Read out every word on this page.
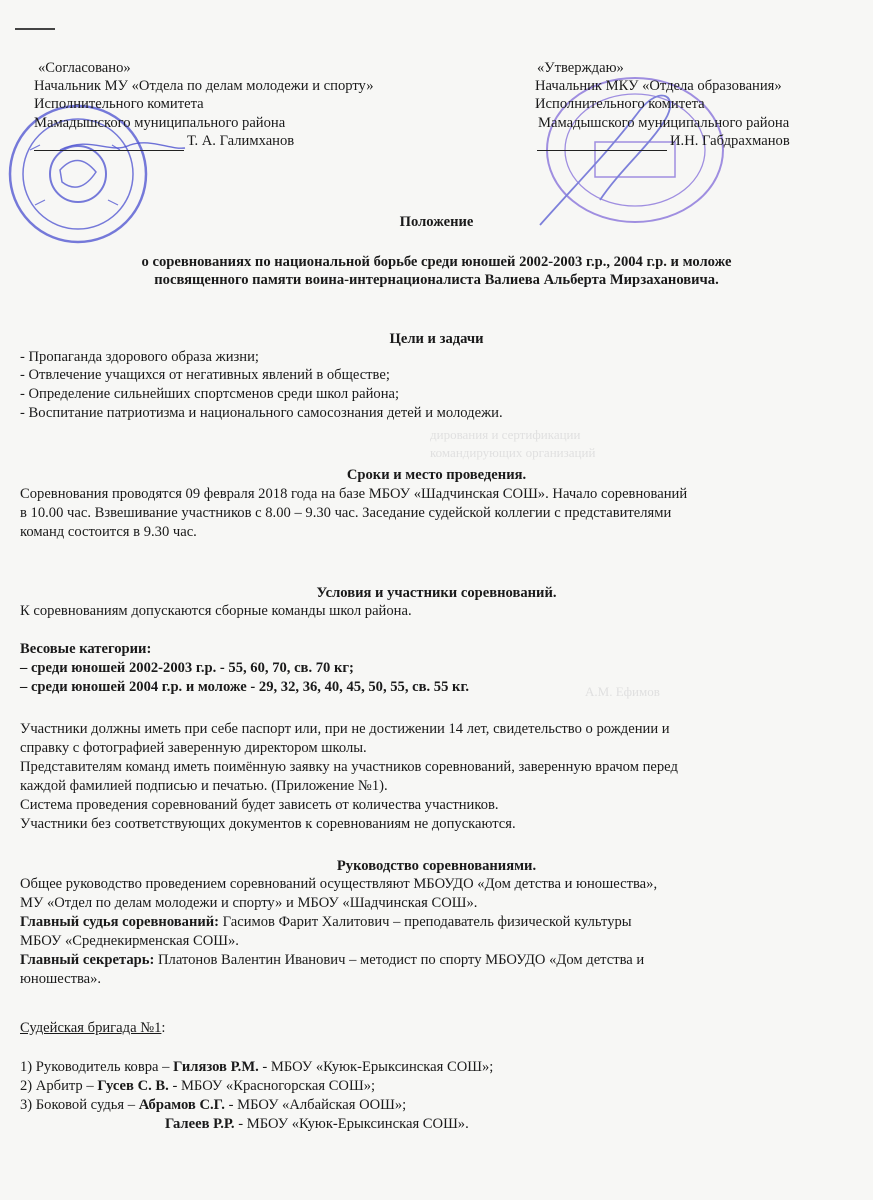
дирования и сертификации
командирующих организаций
А.М. Ефимов
«Согласовано»
Начальник МУ «Отдела по делам молодежи и спорту»
Исполнительного комитета
Мамадышского муниципального района
Т. А. Галимханов
«Утверждаю»
Начальник МКУ «Отдела образования»
Исполнительного комитета
Мамадышского муниципального района
И.Н. Габдрахманов
Положение
о соревнованиях по национальной борьбе среди юношей 2002-2003 г.р., 2004 г.р. и моложе
посвященного памяти воина-интернационалиста Валиева Альберта Мирзахановича.
Цели и задачи
- Пропаганда здорового образа жизни;
- Отвлечение учащихся от негативных явлений в обществе;
- Определение сильнейших спортсменов среди школ района;
- Воспитание патриотизма и национального самосознания детей и молодежи.
Сроки и место проведения.
Соревнования проводятся 09 февраля 2018 года на базе МБОУ «Шадчинская СОШ». Начало соревнований
в 10.00 час. Взвешивание участников с 8.00 – 9.30 час. Заседание судейской коллегии с представителями
команд состоится в 9.30 час.
Условия и участники соревнований.
К соревнованиям допускаются сборные команды школ района.
Весовые категории:
– среди юношей 2002-2003 г.р. - 55, 60, 70, св. 70 кг;
– среди юношей 2004 г.р. и моложе - 29, 32, 36, 40, 45, 50, 55, св. 55 кг.
Участники должны иметь при себе паспорт или, при не достижении 14 лет, свидетельство о рождении и
справку с фотографией заверенную директором школы.
Представителям команд иметь поимённую заявку на участников соревнований, заверенную врачом перед
каждой фамилией подписью и печатью. (Приложение №1).
Система проведения соревнований будет зависеть от количества участников.
Участники без соответствующих документов к соревнованиям не допускаются.
Руководство соревнованиями.
Общее руководство проведением соревнований осуществляют МБОУДО «Дом детства и юношества»,
МУ «Отдел по делам молодежи и спорту» и МБОУ «Шадчинская СОШ».
Главный судья соревнований: Гасимов Фарит Халитович – преподаватель физической культуры
МБОУ «Среднекирменская СОШ».
Главный секретарь: Платонов Валентин Иванович – методист по спорту МБОУДО «Дом детства и
юношества».
Судейская бригада №1:
1) Руководитель ковра – Гилязов Р.М. - МБОУ «Куюк-Ерыксинская СОШ»;
2) Арбитр – Гусев С. В. - МБОУ «Красногорская СОШ»;
3) Боковой судья – Абрамов С.Г. - МБОУ «Албайская ООШ»;
Галеев Р.Р. - МБОУ «Куюк-Ерыксинская СОШ».
